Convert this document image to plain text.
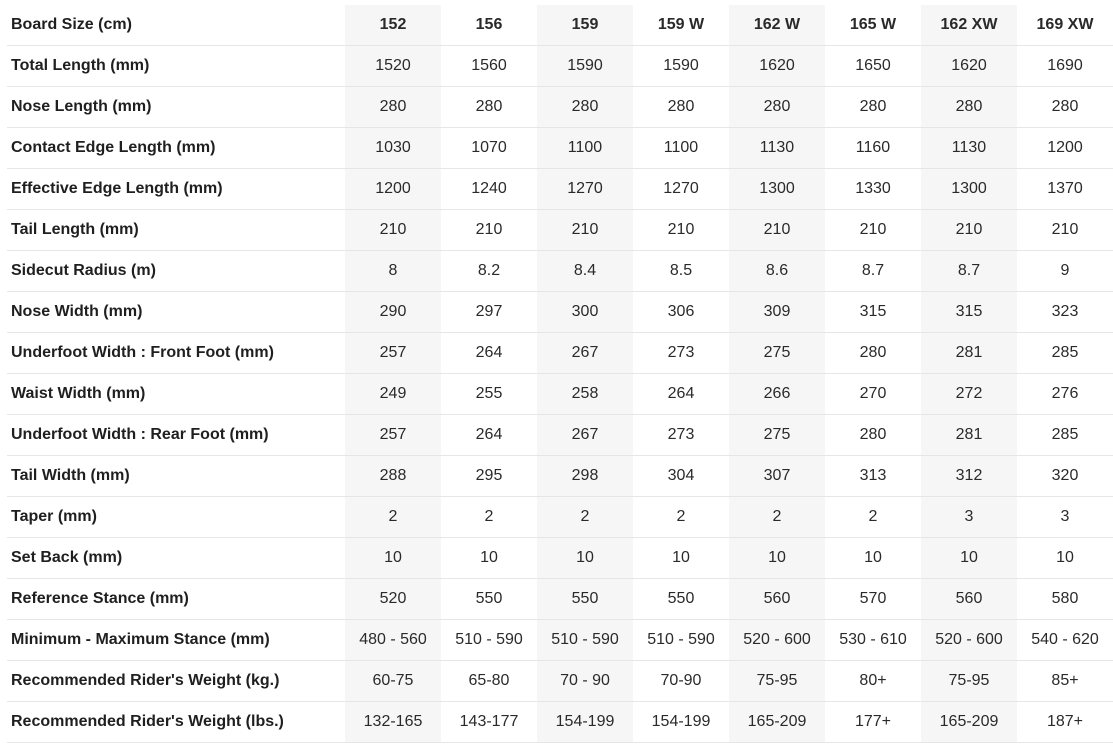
Board Size (cm)	152	156	159	159 W	162 W	165 W	162 XW	169 XW
Total Length (mm)	1520	1560	1590	1590	1620	1650	1620	1690
Nose Length (mm)	280	280	280	280	280	280	280	280
Contact Edge Length (mm)	1030	1070	1100	1100	1130	1160	1130	1200
Effective Edge Length (mm)	1200	1240	1270	1270	1300	1330	1300	1370
Tail Length (mm)	210	210	210	210	210	210	210	210
Sidecut Radius (m)	8	8.2	8.4	8.5	8.6	8.7	8.7	9
Nose Width (mm)	290	297	300	306	309	315	315	323
Underfoot Width : Front Foot (mm)	257	264	267	273	275	280	281	285
Waist Width (mm)	249	255	258	264	266	270	272	276
Underfoot Width : Rear Foot (mm)	257	264	267	273	275	280	281	285
Tail Width (mm)	288	295	298	304	307	313	312	320
Taper (mm)	2	2	2	2	2	2	3	3
Set Back (mm)	10	10	10	10	10	10	10	10
Reference Stance (mm)	520	550	550	550	560	570	560	580
Minimum - Maximum Stance (mm)	480 - 560	510 - 590	510 - 590	510 - 590	520 - 600	530 - 610	520 - 600	540 - 620
Recommended Rider's Weight (kg.)	60-75	65-80	70 - 90	70-90	75-95	80+	75-95	85+
Recommended Rider's Weight (lbs.)	132-165	143-177	154-199	154-199	165-209	177+	165-209	187+
